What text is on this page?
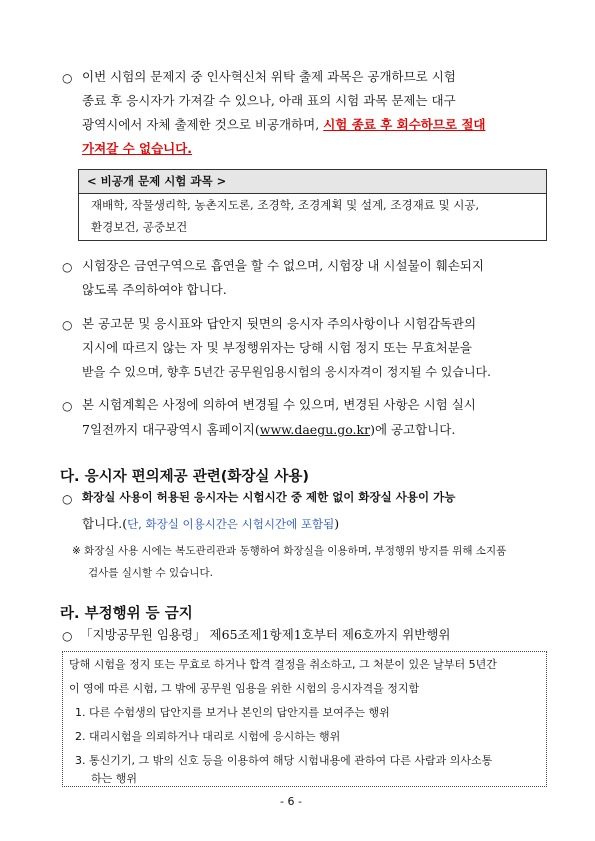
○ 이번 시험의 문제지 중 인사혁신처 위탁 출제 과목은 공개하므로 시험
종료 후 응시자가 가져갈 수 있으나, 아래 표의 시험 과목 문제는 대구
광역시에서 자체 출제한 것으로 비공개하며, 시험 종료 후 회수하므로 절대
가져갈 수 없습니다.
< 비공개 문제 시험 과목 >
재배학, 작물생리학, 농촌지도론, 조경학, 조경계획 및 설계, 조경재료 및 시공,
환경보건, 공중보건
○ 시험장은 금연구역으로 흡연을 할 수 없으며, 시험장 내 시설물이 훼손되지
않도록 주의하여야 합니다.
○ 본 공고문 및 응시표와 답안지 뒷면의 응시자 주의사항이나 시험감독관의
지시에 따르지 않는 자 및 부정행위자는 당해 시험 정지 또는 무효처분을
받을 수 있으며, 향후 5년간 공무원임용시험의 응시자격이 정지될 수 있습니다.
○ 본 시험계획은 사정에 의하여 변경될 수 있으며, 변경된 사항은 시험 실시
7일전까지 대구광역시 홈페이지(www.daegu.go.kr)에 공고합니다.
다. 응시자 편의제공 관련(화장실 사용)
○ 화장실 사용이 허용된 응시자는 시험시간 중 제한 없이 화장실 사용이 가능
합니다.(단, 화장실 이용시간은 시험시간에 포함됨)
※ 화장실 사용 시에는 복도관리관과 동행하여 화장실을 이용하며, 부정행위 방지를 위해 소지품
검사를 실시할 수 있습니다.
라. 부정행위 등 금지
○ 「지방공무원 임용령」 제65조제1항제1호부터 제6호까지 위반행위
당해 시험을 정지 또는 무효로 하거나 합격 결정을 취소하고, 그 처분이 있은 날부터 5년간
이 영에 따른 시험, 그 밖에 공무원 임용을 위한 시험의 응시자격을 정지함
1. 다른 수험생의 답안지를 보거나 본인의 답안지를 보여주는 행위
2. 대리시험을 의뢰하거나 대리로 시험에 응시하는 행위
3. 통신기기, 그 밖의 신호 등을 이용하여 해당 시험내용에 관하여 다른 사람과 의사소통
하는 행위
- 6 -
